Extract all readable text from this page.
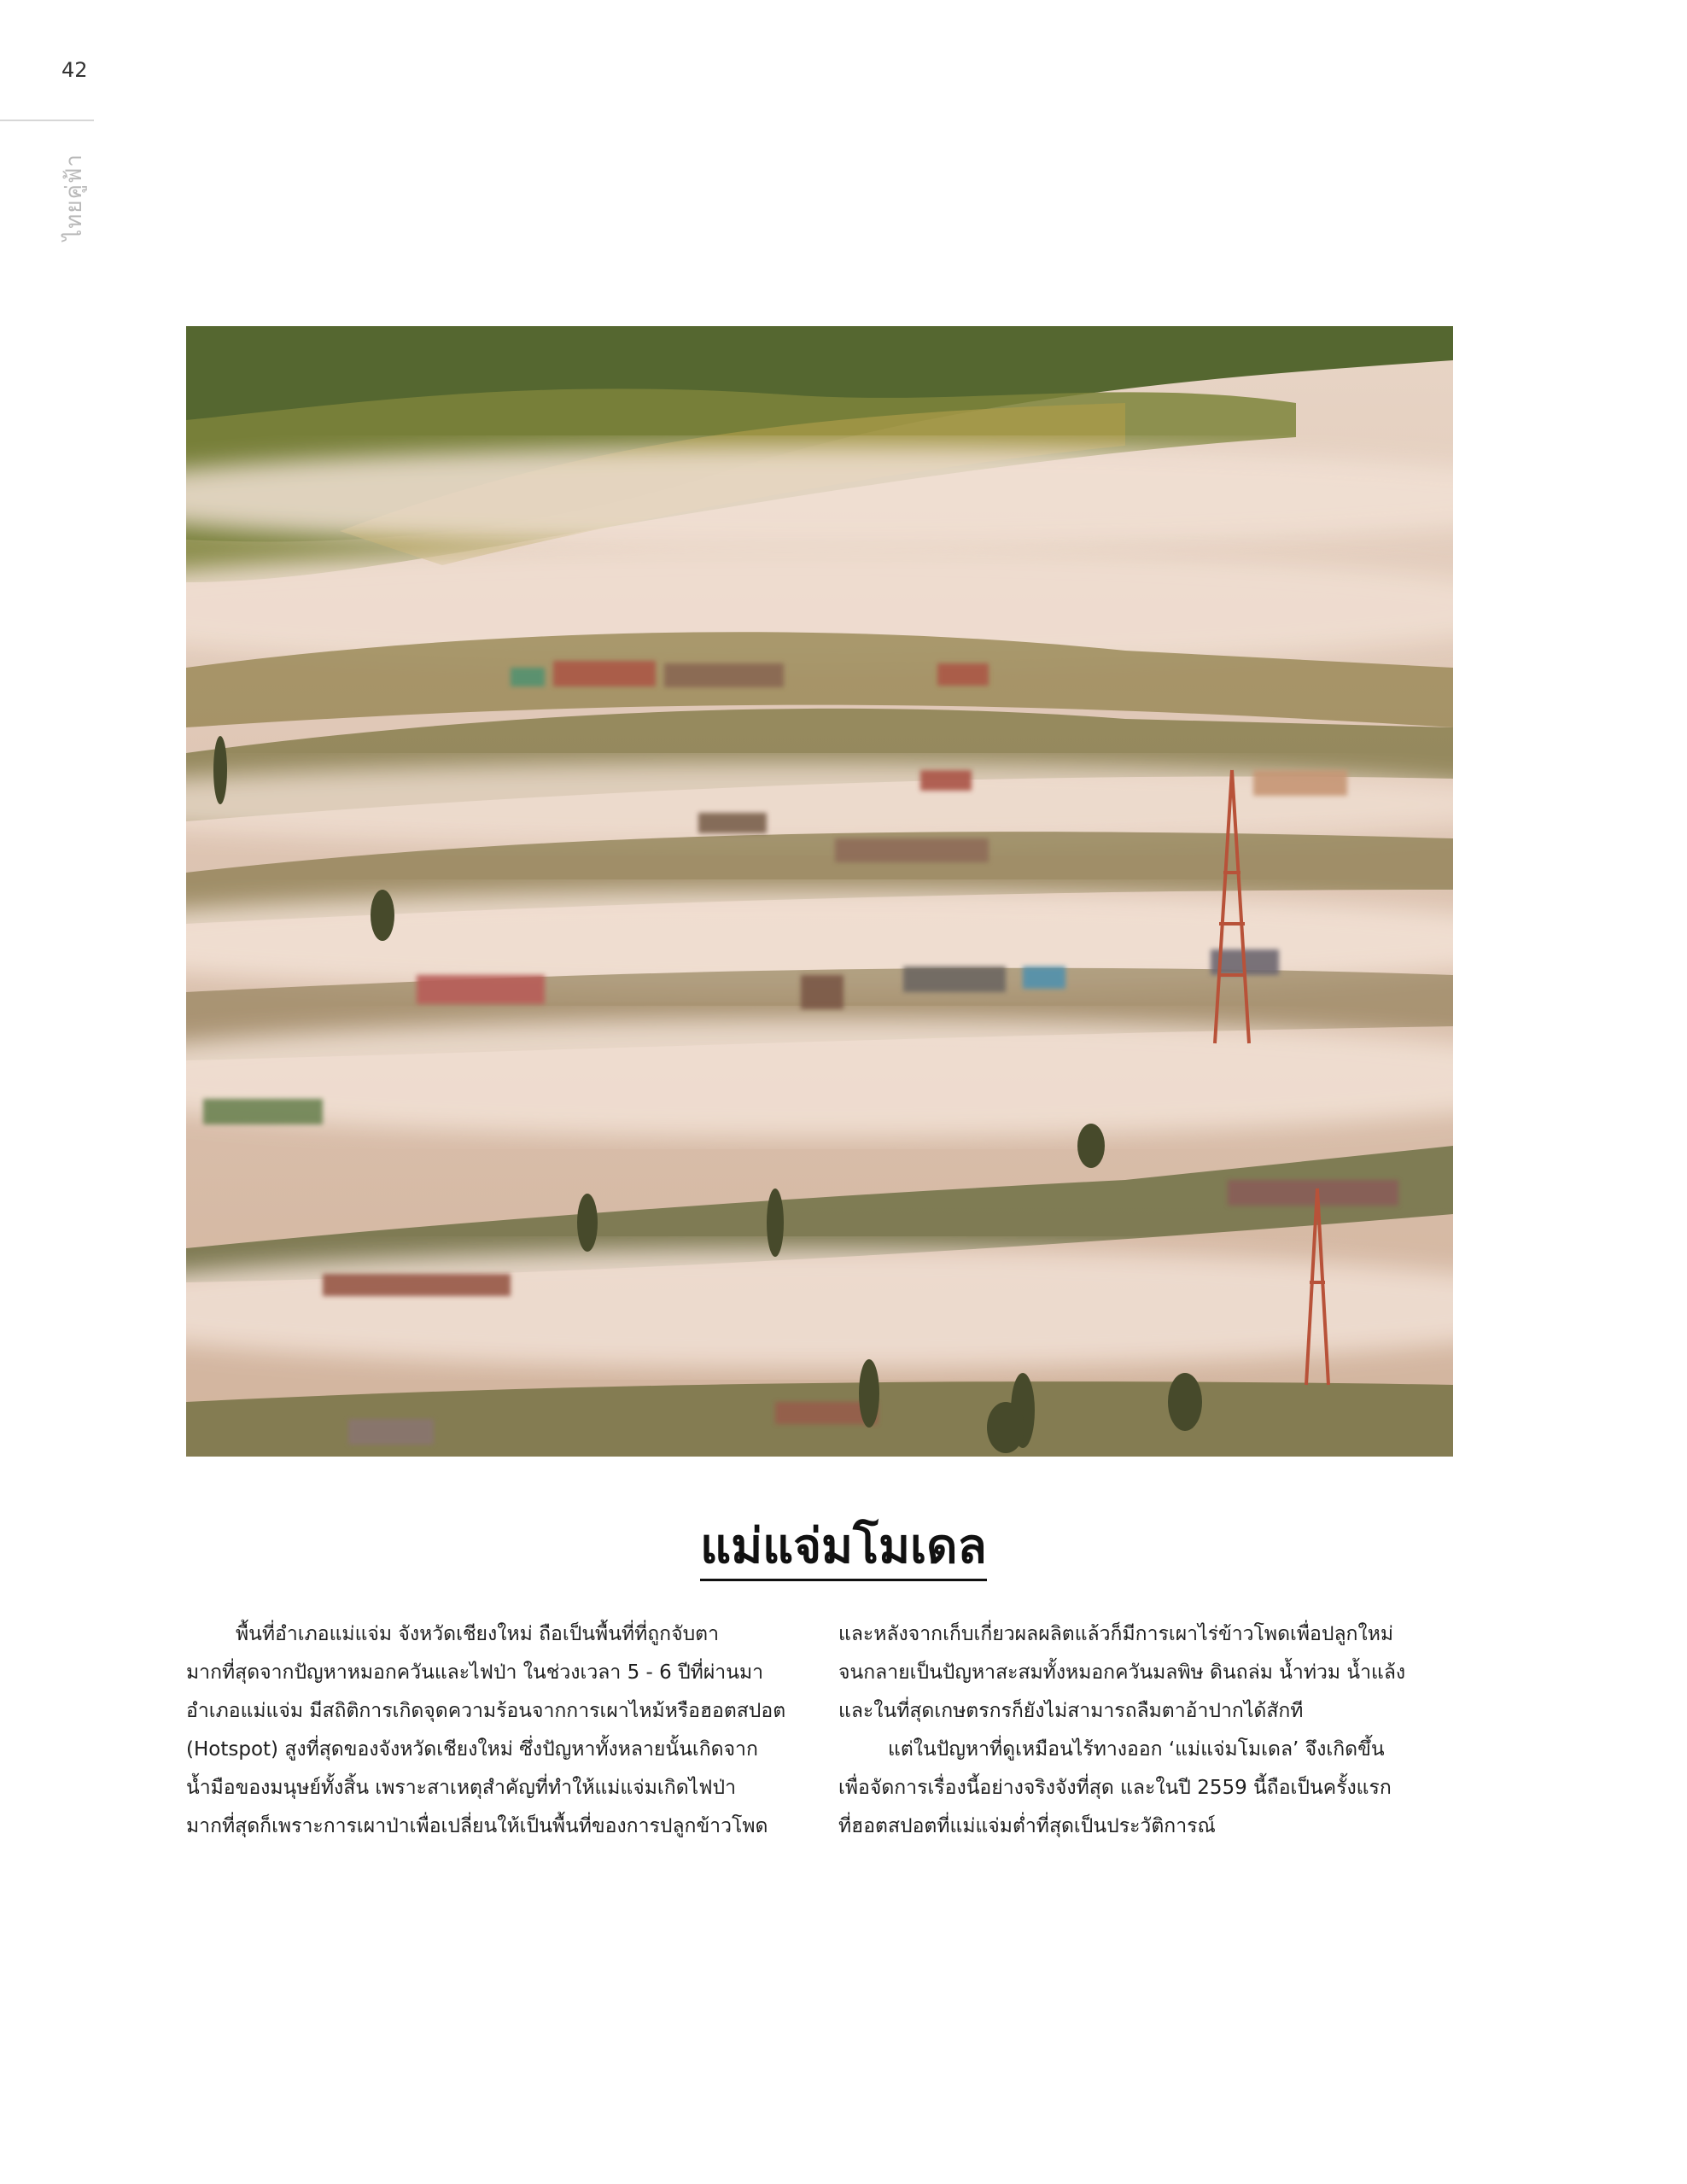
42
ไทยคู่ฟ้า
แม่แจ่มโมเดล

พื้นที่อำเภอแม่แจ่ม จังหวัดเชียงใหม่ ถือเป็นพื้นที่ที่ถูกจับตา

มากที่สุดจากปัญหาหมอกควันและไฟป่า ในช่วงเวลา 5 - 6 ปีที่ผ่านมา

อำเภอแม่แจ่ม มีสถิติการเกิดจุดความร้อนจากการเผาไหม้หรือฮอตสปอต

(Hotspot) สูงที่สุดของจังหวัดเชียงใหม่ ซึ่งปัญหาทั้งหลายนั้นเกิดจาก

น้ำมือของมนุษย์ทั้งสิ้น เพราะสาเหตุสำคัญที่ทำให้แม่แจ่มเกิดไฟป่า

มากที่สุดก็เพราะการเผาป่าเพื่อเปลี่ยนให้เป็นพื้นที่ของการปลูกข้าวโพด

และหลังจากเก็บเกี่ยวผลผลิตแล้วก็มีการเผาไร่ข้าวโพดเพื่อปลูกใหม่

จนกลายเป็นปัญหาสะสมทั้งหมอกควันมลพิษ ดินถล่ม น้ำท่วม น้ำแล้ง

และในที่สุดเกษตรกรก็ยังไม่สามารถลืมตาอ้าปากได้สักที

แต่ในปัญหาที่ดูเหมือนไร้ทางออก ‘แม่แจ่มโมเดล’ จึงเกิดขึ้น

เพื่อจัดการเรื่องนี้อย่างจริงจังที่สุด และในปี 2559 นี้ถือเป็นครั้งแรก

ที่ฮอตสปอตที่แม่แจ่มต่ำที่สุดเป็นประวัติการณ์
